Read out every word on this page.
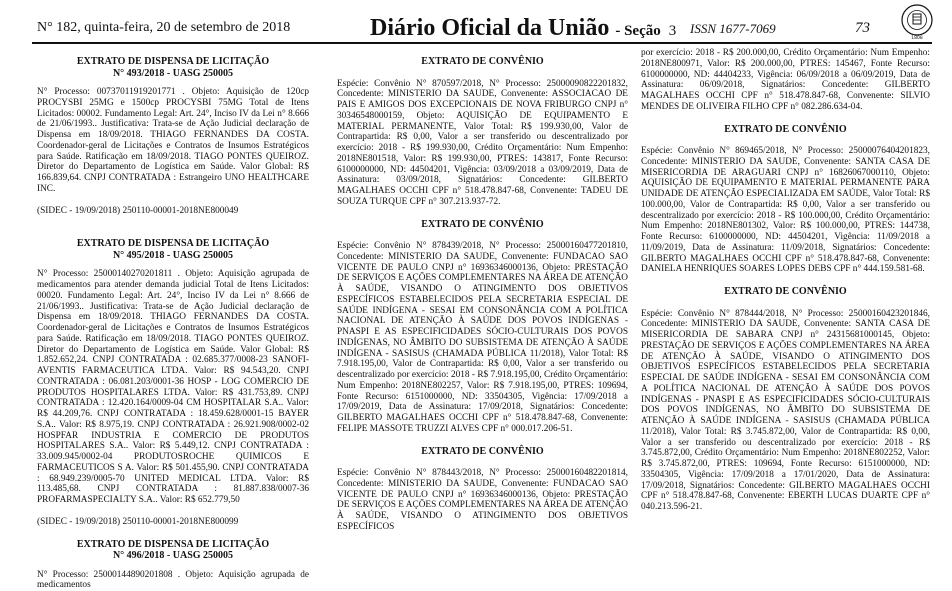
N° 182, quinta-feira, 20 de setembro de 2018	Diário Oficial da União - Seção 3 ISSN 1677-7069	73
1808

EXTRATO DE DISPENSA DE LICITAÇÃO

N° 493/2018 - UASG 250005

N° Processo: 00737011919201771 . Objeto: Aquisição de 120cp PROCYSBI 25MG e 1500cp PROCYSBI 75MG Total de Itens Licitados: 00002. Fundamento Legal: Art. 24°, Inciso IV da Lei n° 8.666 de 21/06/1993.. Justificativa: Trata-se de Ação Judicial declaração de Dispensa em 18/09/2018. THIAGO FERNANDES DA COSTA. Coordenador-geral de Licitações e Contratos de Insumos Estratégicos para Saúde. Ratificação em 18/09/2018. TIAGO PONTES QUEIROZ. Diretor do Departamento de Logística em Saúde. Valor Global: R$ 166.839,64. CNPJ CONTRATADA : Estrangeiro UNO HEALTHCARE INC.

(SIDEC - 19/09/2018) 250110-00001-2018NE800049

EXTRATO DE DISPENSA DE LICITAÇÃO

N° 495/2018 - UASG 250005

N° Processo: 25000140270201811 . Objeto: Aquisição agrupada de medicamentos para atender demanda judicial Total de Itens Licitados: 00020. Fundamento Legal: Art. 24°, Inciso IV da Lei n° 8.666 de 21/06/1993.. Justificativa: Trata-se de Ação Judicial declaração de Dispensa em 18/09/2018. THIAGO FERNANDES DA COSTA. Coordenador-geral de Licitações e Contratos de Insumos Estratégicos para Saúde. Ratificação em 18/09/2018. TIAGO PONTES QUEIROZ. Diretor do Departamento de Logística em Saúde. Valor Global: R$ 1.852.652,24. CNPJ CONTRATADA : 02.685.377/0008-23 SANOFI-AVENTIS FARMACEUTICA LTDA. Valor: R$ 94.543,20. CNPJ CONTRATADA : 06.081.203/0001-36 HOSP - LOG COMERCIO DE PRODUTOS HOSPITALARES LTDA. Valor: R$ 431.753,89. CNPJ CONTRATADA : 12.420.164/0009-04 CM HOSPITALAR S.A.. Valor: R$ 44.209,76. CNPJ CONTRATADA : 18.459.628/0001-15 BAYER S.A.. Valor: R$ 8.975,19. CNPJ CONTRATADA : 26.921.908/0002-02 HOSPFAR INDUSTRIA E COMERCIO DE PRODUTOS HOSPITALARES S.A.. Valor: R$ 5.449,12. CNPJ CONTRATADA : 33.009.945/0002-04 PRODUTOSROCHE QUIMICOS E FARMACEUTICOS S A. Valor: R$ 501.455,90. CNPJ CONTRATADA : 68.949.239/0005-70 UNITED MEDICAL LTDA. Valor: R$ 113.485,68. CNPJ CONTRATADA : 81.887.838/0007-36 PROFARMASPECIALTY S.A.. Valor: R$ 652.779,50

(SIDEC - 19/09/2018) 250110-00001-2018NE800099

EXTRATO DE DISPENSA DE LICITAÇÃO

N° 496/2018 - UASG 250005

N° Processo: 25000144890201808 . Objeto: Aquisição agrupada de medicamentos

EXTRATO DE CONVÊNIO

Espécie: Convênio N° 870597/2018, N° Processo: 25000090822201832, Concedente: MINISTERIO DA SAUDE, Convenente: ASSOCIACAO DE PAIS E AMIGOS DOS EXCEPCIONAIS DE NOVA FRIBURGO CNPJ n° 30346548000159, Objeto: AQUISIÇÃO DE EQUIPAMENTO E MATERIAL PERMANENTE, Valor Total: R$ 199.930,00, Valor de Contrapartida: R$ 0,00, Valor a ser transferido ou descentralizado por exercício: 2018 - R$ 199.930,00, Crédito Orçamentário: Num Empenho: 2018NE801518, Valor: R$ 199.930,00, PTRES: 143817, Fonte Recurso: 6100000000, ND: 44504201, Vigência: 03/09/2018 a 03/09/2019, Data de Assinatura: 03/09/2018, Signatários: Concedente: GILBERTO MAGALHAES OCCHI CPF n° 518.478.847-68, Convenente: TADEU DE SOUZA TURQUE CPF n° 307.213.937-72.

EXTRATO DE CONVÊNIO

Espécie: Convênio N° 878439/2018, N° Processo: 25000160477201810, Concedente: MINISTERIO DA SAUDE, Convenente: FUNDACAO SAO VICENTE DE PAULO CNPJ n° 16936346000136, Objeto: PRESTAÇÃO DE SERVIÇOS E AÇÕES COMPLEMENTARES NA ÁREA DE ATENÇÃO À SAÚDE, VISANDO O ATINGIMENTO DOS OBJETIVOS ESPECÍFICOS ESTABELECIDOS PELA SECRETARIA ESPECIAL DE SAÚDE INDÍGENA - SESAI EM CONSONÂNCIA COM A POLÍTICA NACIONAL DE ATENÇÃO À SAÚDE DOS POVOS INDÍGENAS - PNASPI E AS ESPECIFICIDADES SÓCIO-CULTURAIS DOS POVOS INDÍGENAS, NO ÂMBITO DO SUBSISTEMA DE ATENÇÃO À SAÚDE INDÍGENA - SASISUS (CHAMADA PÚBLICA 11/2018), Valor Total: R$ 7.918.195,00, Valor de Contrapartida: R$ 0,00, Valor a ser transferido ou descentralizado por exercício: 2018 - R$ 7.918.195,00, Crédito Orçamentário: Num Empenho: 2018NE802257, Valor: R$ 7.918.195,00, PTRES: 109694, Fonte Recurso: 6151000000, ND: 33504305, Vigência: 17/09/2018 a 17/09/2019, Data de Assinatura: 17/09/2018, Signatários: Concedente: GILBERTO MAGALHAES OCCHI CPF n° 518.478.847-68, Convenente: FELIPE MASSOTE TRUZZI ALVES CPF n° 000.017.206-51.

EXTRATO DE CONVÊNIO

Espécie: Convênio N° 878443/2018, N° Processo: 25000160482201814, Concedente: MINISTERIO DA SAUDE, Convenente: FUNDACAO SAO VICENTE DE PAULO CNPJ n° 16936346000136, Objeto: PRESTAÇÃO DE SERVIÇOS E AÇÕES COMPLEMENTARES NA ÁREA DE ATENÇÃO À SAÚDE, VISANDO O ATINGIMENTO DOS OBJETIVOS ESPECÍFICOS

por exercício: 2018 - R$ 200.000,00, Crédito Orçamentário: Num Empenho: 2018NE800971, Valor: R$ 200.000,00, PTRES: 145467, Fonte Recurso: 6100000000, ND: 44404233, Vigência: 06/09/2018 a 06/09/2019, Data de Assinatura: 06/09/2018, Signatários: Concedente: GILBERTO MAGALHAES OCCHI CPF n° 518.478.847-68, Convenente: SILVIO MENDES DE OLIVEIRA FILHO CPF n° 082.286.634-04.

EXTRATO DE CONVÊNIO

Espécie: Convênio N° 869465/2018, N° Processo: 25000076404201823, Concedente: MINISTERIO DA SAUDE, Convenente: SANTA CASA DE MISERICORDIA DE ARAGUARI CNPJ n° 16826067000110, Objeto: AQUISIÇÃO DE EQUIPAMENTO E MATERIAL PERMANENTE PARA UNIDADE DE ATENÇÃO ESPECIALIZADA EM SAÚDE, Valor Total: R$ 100.000,00, Valor de Contrapartida: R$ 0,00, Valor a ser transferido ou descentralizado por exercício: 2018 - R$ 100.000,00, Crédito Orçamentário: Num Empenho: 2018NE801302, Valor: R$ 100.000,00, PTRES: 144738, Fonte Recurso: 6100000000, ND: 44504201, Vigência: 11/09/2018 a 11/09/2019, Data de Assinatura: 11/09/2018, Signatários: Concedente: GILBERTO MAGALHAES OCCHI CPF n° 518.478.847-68, Convenente: DANIELA HENRIQUES SOARES LOPES DEBS CPF n° 444.159.581-68.

EXTRATO DE CONVÊNIO

Espécie: Convênio N° 878444/2018, N° Processo: 25000160423201846, Concedente: MINISTERIO DA SAUDE, Convenente: SANTA CASA DE MISERICORDIA DE SABARA CNPJ n° 24315681000145, Objeto: PRESTAÇÃO DE SERVIÇOS E AÇÕES COMPLEMENTARES NA ÁREA DE ATENÇÃO À SAÚDE, VISANDO O ATINGIMENTO DOS OBJETIVOS ESPECÍFICOS ESTABELECIDOS PELA SECRETARIA ESPECIAL DE SAÚDE INDÍGENA - SESAI EM CONSONÂNCIA COM A POLÍTICA NACIONAL DE ATENÇÃO À SAÚDE DOS POVOS INDÍGENAS - PNASPI E AS ESPECIFICIDADES SÓCIO-CULTURAIS DOS POVOS INDÍGENAS, NO ÂMBITO DO SUBSISTEMA DE ATENÇÃO À SAÚDE INDÍGENA - SASISUS (CHAMADA PÚBLICA 11/2018), Valor Total: R$ 3.745.872,00, Valor de Contrapartida: R$ 0,00, Valor a ser transferido ou descentralizado por exercício: 2018 - R$ 3.745.872,00, Crédito Orçamentário: Num Empenho: 2018NE802252, Valor: R$ 3.745.872,00, PTRES: 109694, Fonte Recurso: 6151000000, ND: 33504305, Vigência: 17/09/2018 a 17/01/2020, Data de Assinatura: 17/09/2018, Signatários: Concedente: GILBERTO MAGALHAES OCCHI CPF n° 518.478.847-68, Convenente: EBERTH LUCAS DUARTE CPF n° 040.213.596-21.
